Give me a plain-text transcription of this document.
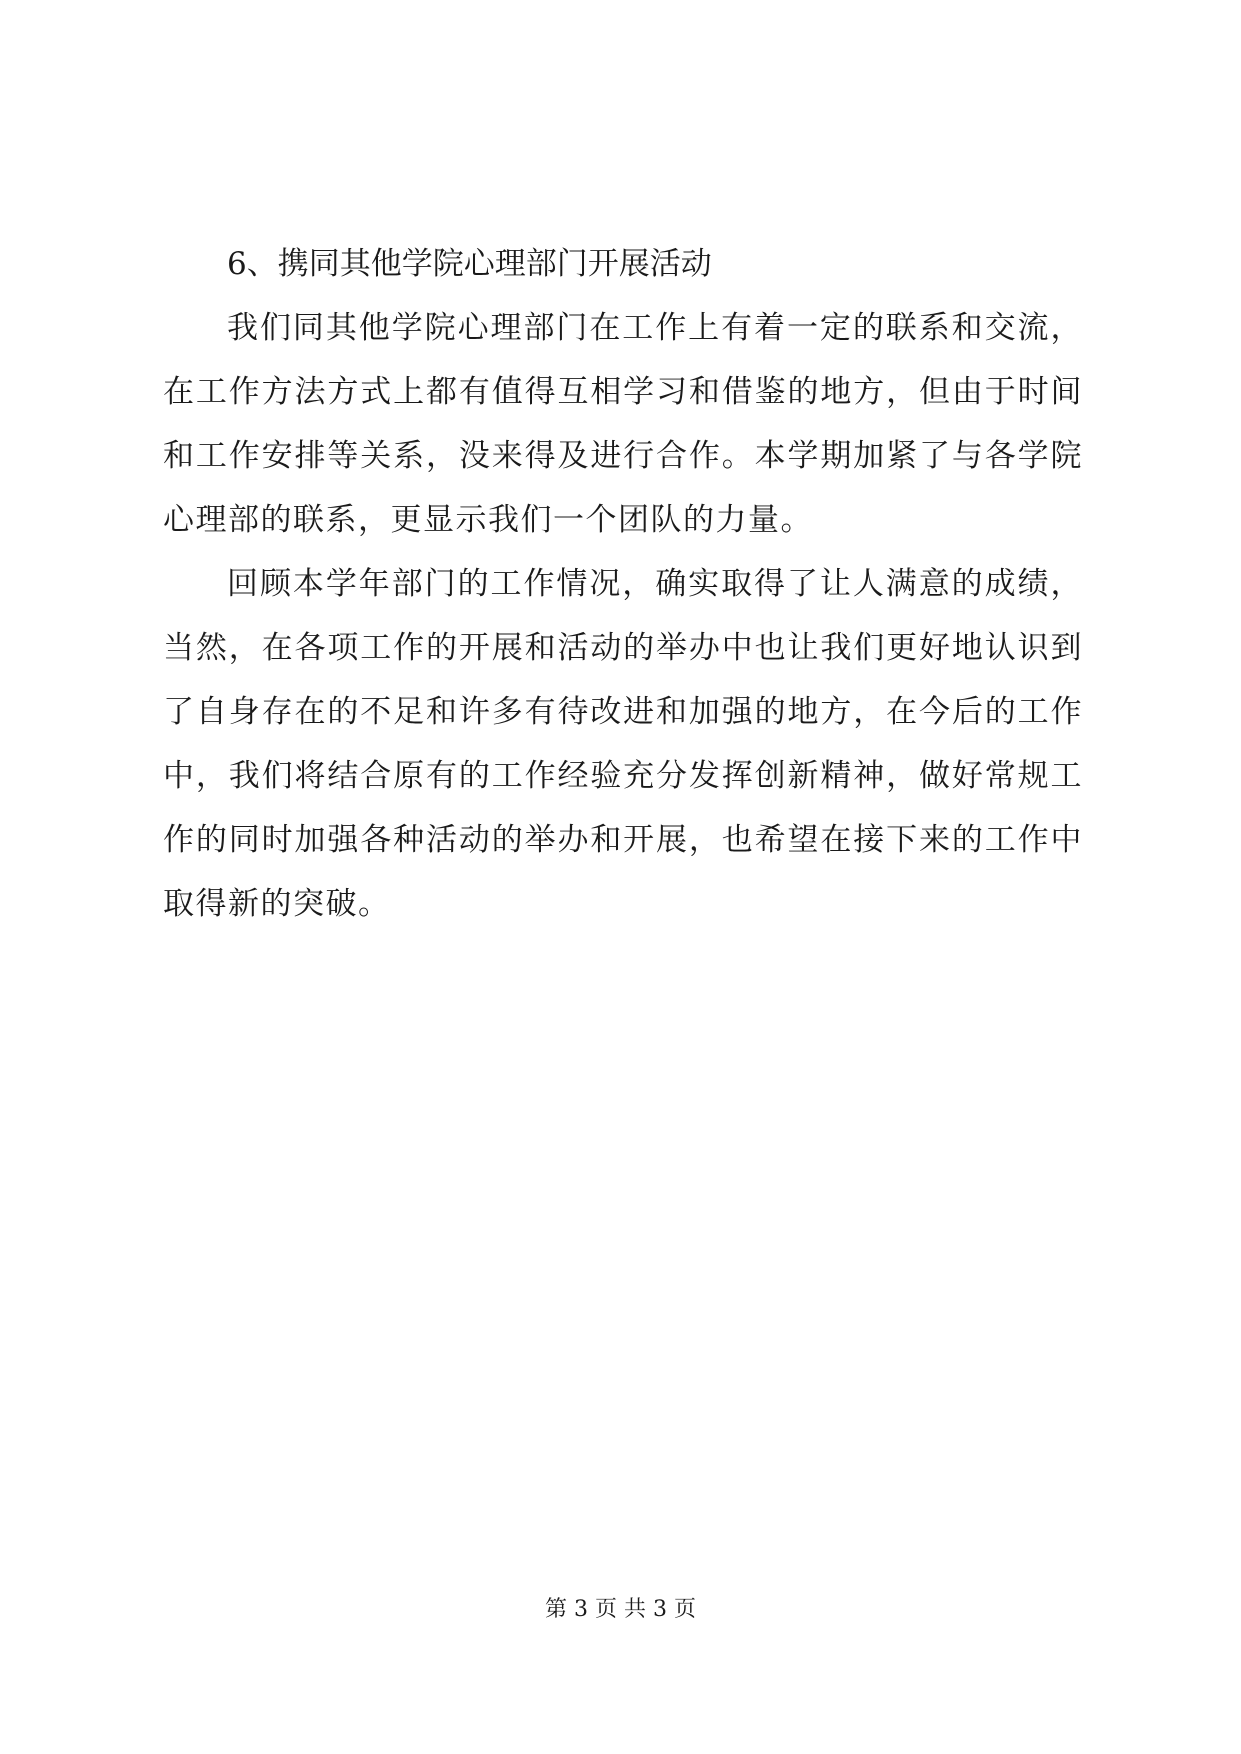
6、携同其他学院心理部门开展活动

我们同其他学院心理部门在工作上有着一定的联系和交流，在工作方法方式上都有值得互相学习和借鉴的地方，但由于时间和工作安排等关系，没来得及进行合作。本学期加紧了与各学院心理部的联系，更显示我们一个团队的力量。

回顾本学年部门的工作情况，确实取得了让人满意的成绩，当然，在各项工作的开展和活动的举办中也让我们更好地认识到了自身存在的不足和许多有待改进和加强的地方，在今后的工作中，我们将结合原有的工作经验充分发挥创新精神，做好常规工作的同时加强各种活动的举办和开展，也希望在接下来的工作中取得新的突破。

第 3 页 共 3 页
